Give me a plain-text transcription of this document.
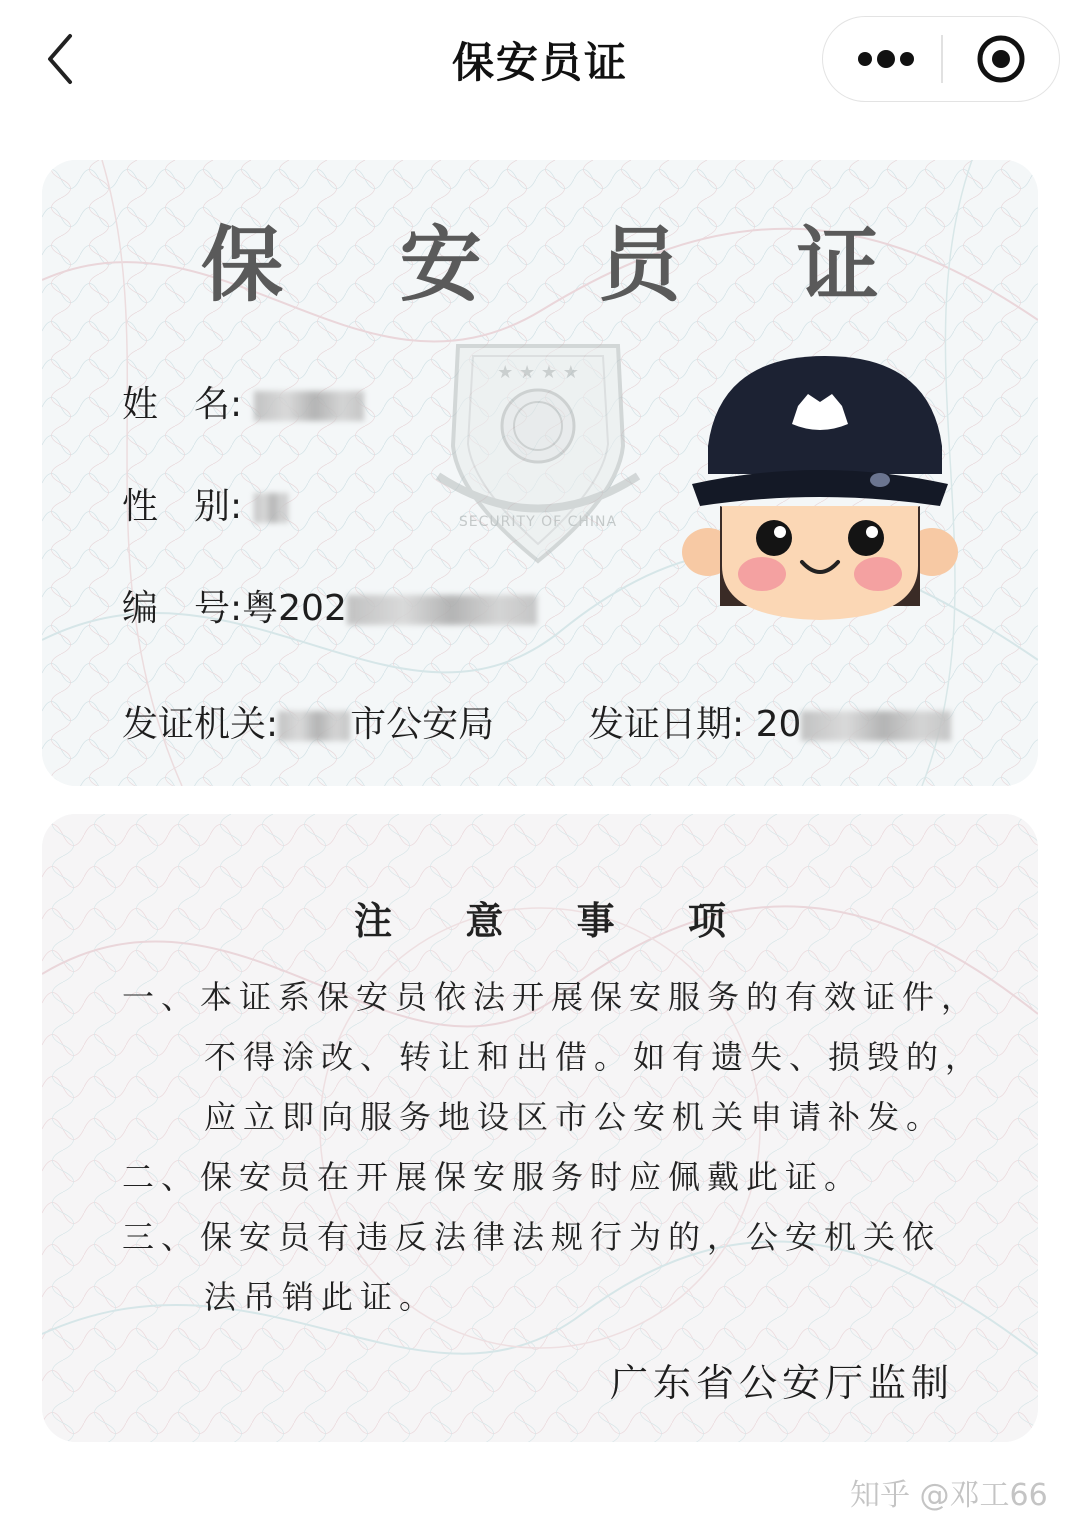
保安员证
保 安 员 证
★ ★ ★ ★
SECURITY OF CHINA
姓　名:
性　别:
编　号:粤202
发证机关: 市公安局	发证日期: 20
注 意 事 项
一、本证系保安员依法开展保安服务的有效证件，
不得涂改、转让和出借。如有遗失、损毁的，
应立即向服务地设区市公安机关申请补发。
二、保安员在开展保安服务时应佩戴此证。
三、保安员有违反法律法规行为的，公安机关依
法吊销此证。
广东省公安厅监制
知乎 @邓工66
